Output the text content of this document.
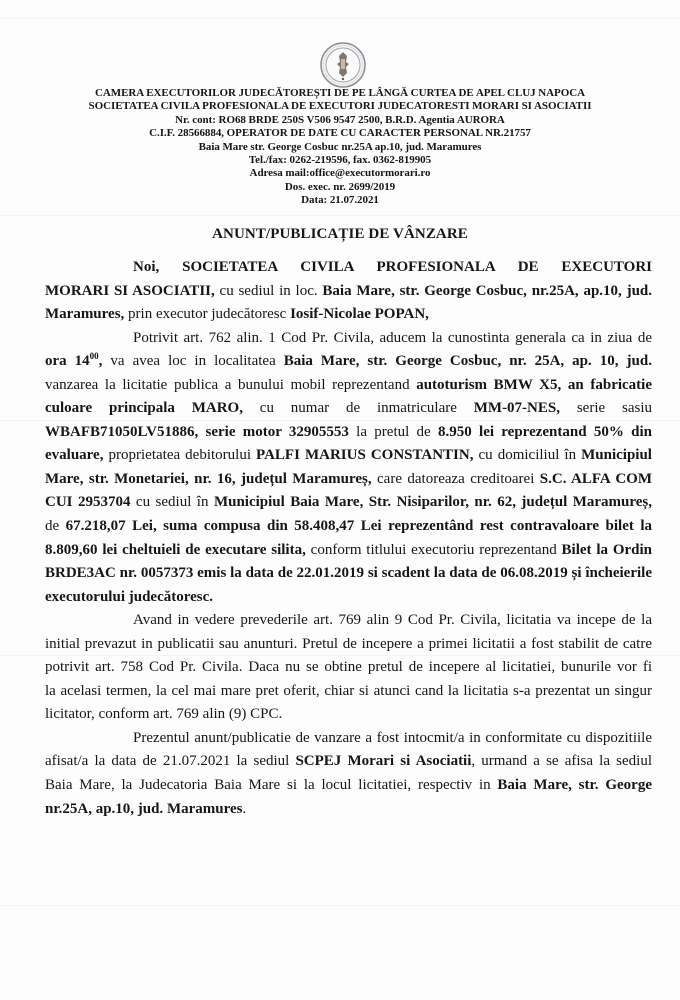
CAMERA EXECUTORILOR JUDECĂTOREȘTI DE PE LÂNGĂ CURTEA DE APEL CLUJ NAPOCA
SOCIETATEA CIVILA PROFESIONALA DE EXECUTORI JUDECATORESTI MORARI SI ASOCIATII
Nr. cont: RO68 BRDE 250S V506 9547 2500, B.R.D. Agentia AURORA
C.I.F. 28566884, OPERATOR DE DATE CU CARACTER PERSONAL NR.21757
Baia Mare str. George Cosbuc nr.25A ap.10, jud. Maramures
Tel./fax: 0262-219596, fax. 0362-819905
Adresa mail:office@executormorari.ro
Dos. exec. nr. 2699/2019
Data: 21.07.2021
ANUNT/PUBLICAȚIE DE VÂNZARE
Noi, SOCIETATEA CIVILA PROFESIONALA DE EXECUTORI
MORARI SI ASOCIATII, cu sediul in loc. Baia Mare, str. George Cosbuc, nr.25A, ap.10, jud.
Maramures, prin executor judecătoresc Iosif-Nicolae POPAN,
Potrivit art. 762 alin. 1 Cod Pr. Civila, aducem la cunostinta generala ca in ziua de
ora $14^{00}$, va avea loc in localitatea Baia Mare, str. George Cosbuc, nr. 25A, ap. 10, jud.
vanzarea la licitatie publica a bunului mobil reprezentand autoturism BMW X5, an fabricatie
culoare principala MARO, cu numar de inmatriculare MM-07-NES, serie sasiu
WBAFB71050LV51886, serie motor 32905553 la pretul de 8.950 lei reprezentand 50% din
evaluare, proprietatea debitorului PALFI MARIUS CONSTANTIN, cu domiciliul în Municipiul
Mare, str. Monetariei, nr. 16, județul Maramureș, care datoreaza creditoarei S.C. ALFA COM
CUI 2953704 cu sediul în Municipiul Baia Mare, Str. Nisiparilor, nr. 62, județul Maramureș,
de 67.218,07 Lei, suma compusa din 58.408,47 Lei reprezentând rest contravaloare bilet la
8.809,60 lei cheltuieli de executare silita, conform titlului executoriu reprezentand Bilet la Ordin
BRDE3AC nr. 0057373 emis la data de 22.01.2019 si scadent la data de 06.08.2019 și încheierile
executorului judecătoresc.
Avand in vedere prevederile art. 769 alin 9 Cod Pr. Civila, licitatia va incepe de la
initial prevazut in publicatii sau anunturi. Pretul de incepere a primei licitatii a fost stabilit de catre
potrivit art. 758 Cod Pr. Civila. Daca nu se obtine pretul de incepere al licitatiei, bunurile vor fi
la acelasi termen, la cel mai mare pret oferit, chiar si atunci cand la licitatia s-a prezentat un singur
licitator, conform art. 769 alin (9) CPC.
Prezentul anunt/publicatie de vanzare a fost intocmit/a in conformitate cu dispozitiile
afisat/a la data de 21.07.2021 la sediul SCPEJ Morari si Asociatii, urmand a se afisa la sediul
Baia Mare, la Judecatoria Baia Mare si la locul licitatiei, respectiv in Baia Mare, str. George
nr.25A, ap.10, jud. Maramures.
